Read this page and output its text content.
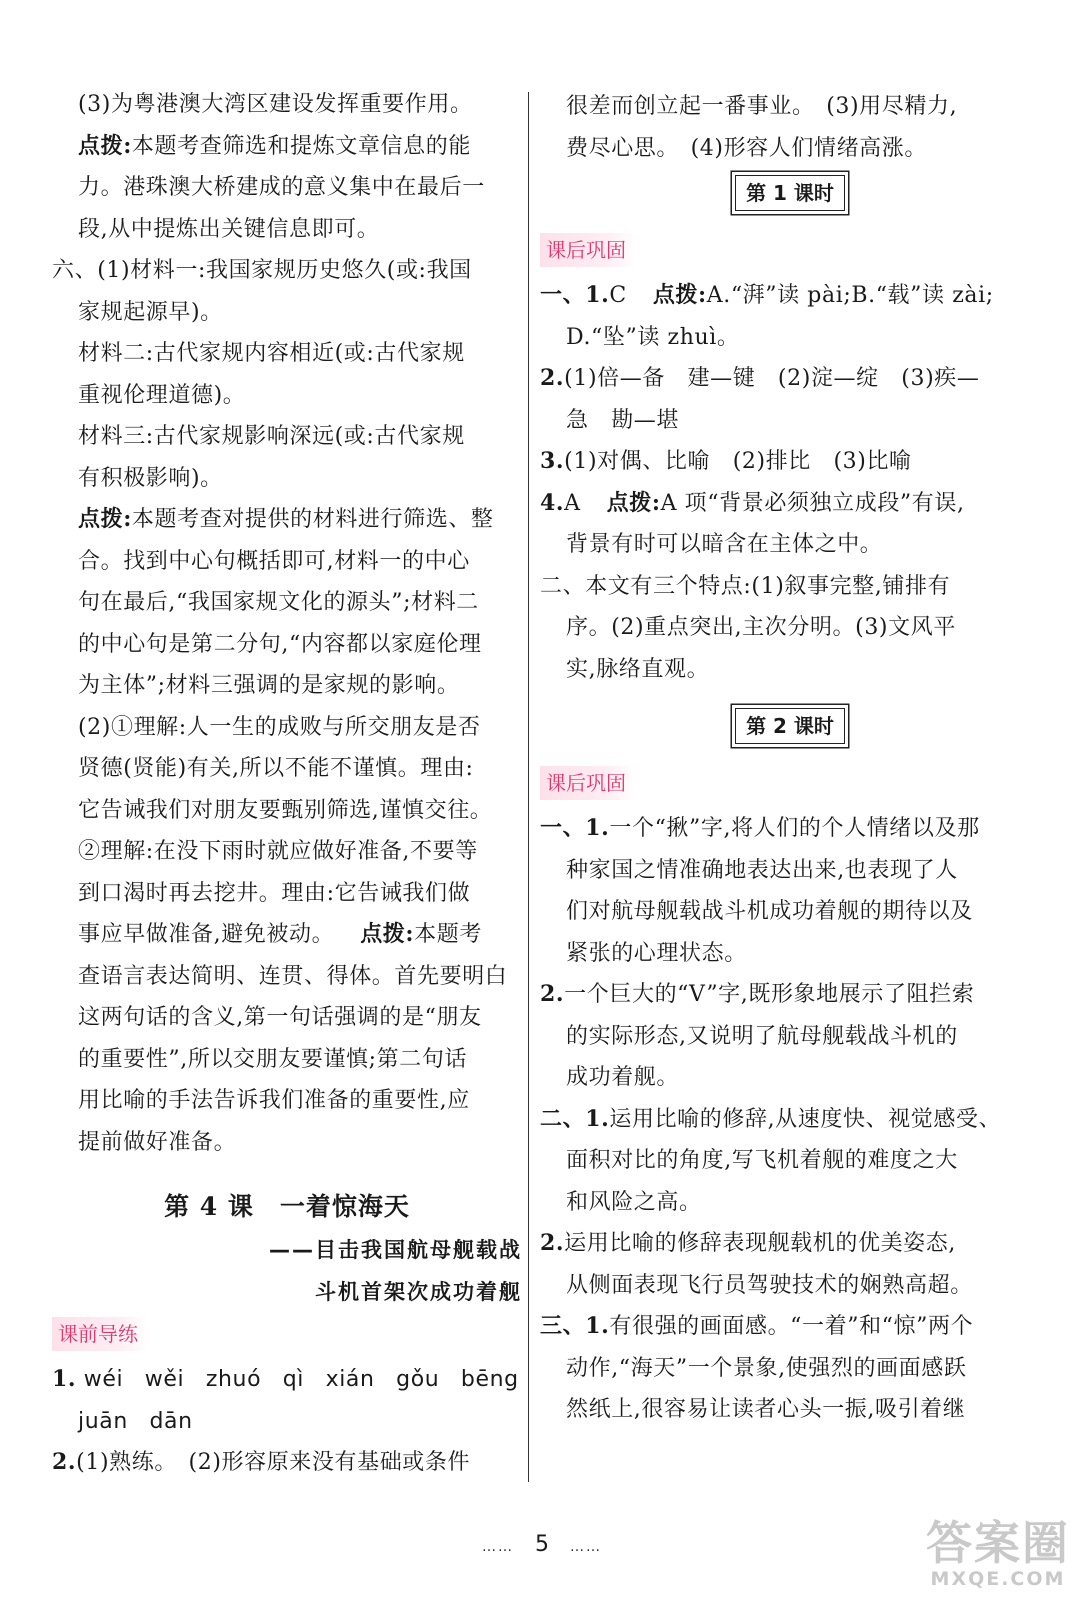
(3)为粤港澳大湾区建设发挥重要作用。
点拨:本题考查筛选和提炼文章信息的能
力。港珠澳大桥建成的意义集中在最后一
段,从中提炼出关键信息即可。
六、(1)材料一:我国家规历史悠久(或:我国
家规起源早)。
材料二:古代家规内容相近(或:古代家规
重视伦理道德)。
材料三:古代家规影响深远(或:古代家规
有积极影响)。
点拨:本题考查对提供的材料进行筛选、整
合。找到中心句概括即可,材料一的中心
句在最后,“我国家规文化的源头”;材料二
的中心句是第二分句,“内容都以家庭伦理
为主体”;材料三强调的是家规的影响。
(2)①理解:人一生的成败与所交朋友是否
贤德(贤能)有关,所以不能不谨慎。理由:
它告诫我们对朋友要甄别筛选,谨慎交往。
②理解:在没下雨时就应做好准备,不要等
到口渴时再去挖井。理由:它告诫我们做
事应早做准备,避免被动。 点拨:本题考
查语言表达简明、连贯、得体。首先要明白
这两句话的含义,第一句话强调的是“朋友
的重要性”,所以交朋友要谨慎;第二句话
用比喻的手法告诉我们准备的重要性,应
提前做好准备。
第 4 课　一着惊海天
——目击我国航母舰载战
斗机首架次成功着舰
课前导练
1. wéi wěi zhuó qì xián gǒu bēng
juān dān
2.(1)熟练。　(2)形容原来没有基础或条件
很差而创立起一番事业。　(3)用尽精力,
费尽心思。　(4)形容人们情绪高涨。
第 1 课时
课后巩固
一、1.C 点拨:A.“湃”读 pài;B.“载”读 zài;
D.“坠”读 zhuì。
2.(1)倍—备　建—键　(2)淀—绽　(3)疾—
急　勘—堪
3.(1)对偶、比喻　(2)排比　(3)比喻
4.A 点拨:A 项“背景必须独立成段”有误,
背景有时可以暗含在主体之中。
二、本文有三个特点:(1)叙事完整,铺排有
序。(2)重点突出,主次分明。(3)文风平
实,脉络直观。
第 2 课时
课后巩固
一、1.一个“揪”字,将人们的个人情绪以及那
种家国之情准确地表达出来,也表现了人
们对航母舰载战斗机成功着舰的期待以及
紧张的心理状态。
2.一个巨大的“V”字,既形象地展示了阻拦索
的实际形态,又说明了航母舰载战斗机的
成功着舰。
二、1.运用比喻的修辞,从速度快、视觉感受、
面积对比的角度,写飞机着舰的难度之大
和风险之高。
2.运用比喻的修辞表现舰载机的优美姿态,
从侧面表现飞行员驾驶技术的娴熟高超。
三、1.有很强的画面感。“一着”和“惊”两个
动作,“海天”一个景象,使强烈的画面感跃
然纸上,很容易让读者心头一振,吸引着继
…… 5 ……	答案圈
MXQE.COM
